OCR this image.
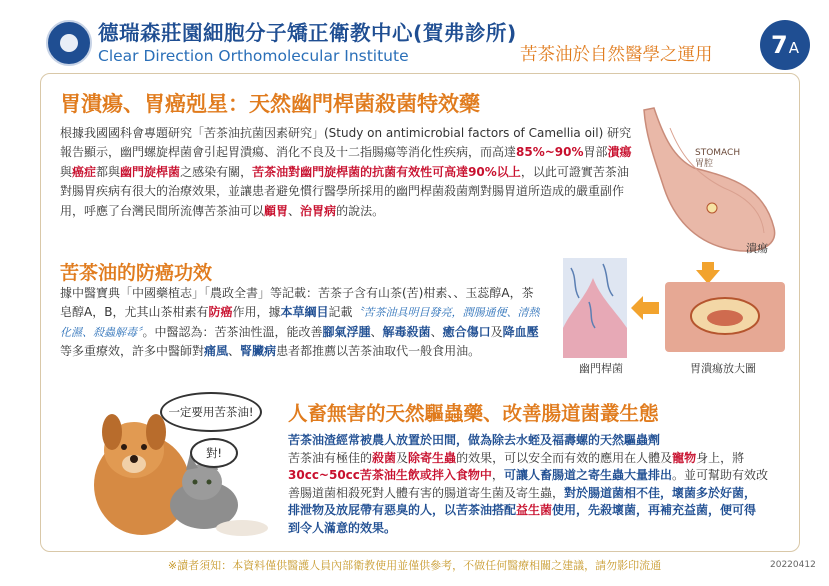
德瑞森莊園細胞分子矯正衛教中心(賀弗診所)
Clear Direction Orthomolecular Institute	苦茶油於自然醫學之運用 7 A
胃潰瘍、胃癌剋星：天然幽門桿菌殺菌特效藥
根據我國國科會專題研究「苦茶油抗菌因素研究」(Study on antimicrobial factors of Camellia oil) 研究報告顯示，幽門螺旋桿菌會引起胃潰瘍、消化不良及十二指腸瘍等消化性疾病，而高達85%~90%胃部潰瘍與癌症都與幽門旋桿菌之感染有關，苦茶油對幽門旋桿菌的抗菌有效性可高達90%以上，以此可證實苦茶油對腸胃疾病有很大的治療效果，並讓患者避免慣行醫學所採用的幽門桿菌殺菌劑對腸胃道所造成的嚴重副作用，呼應了台灣民間所流傳苦茶油可以顧胃、治胃病的說法。
STOMACH
胃腔
潰瘍
胃潰瘍放大圖
幽門桿菌
苦茶油的防癌功效
據中醫寶典「中國藥植志」「農政全書」等記載：苦茶子含有山茶(苦)柑素、、玉蕊醇A，茶皂醇A，B，尤其山茶柑素有防癌作用，據本草綱目記載〝苦茶油具明目發亮，潤腸通便、清熱化濕、殺蟲解毒〞。中醫認為：苦茶油性溫，能改善腳氣浮腫、解毒殺菌、癒合傷口及降血壓等多重療效，許多中醫師對痛風、腎臟病患者都推薦以苦茶油取代一般食用油。
一定要用苦茶油!
對!
人畜無害的天然驅蟲藥、改善腸道菌叢生態
苦茶油渣經常被農人放置於田間，做為除去水蛭及福壽螺的天然驅蟲劑
苦茶油有極佳的殺菌及除寄生蟲的效果，可以安全而有效的應用在人體及寵物身上，將30cc~50cc苦茶油生飲或拌入食物中，可讓人畜腸道之寄生蟲大量排出。並可幫助有效改善腸道菌相殺死對人體有害的腸道寄生菌及寄生蟲，對於腸道菌相不佳，壞菌多於好菌，排泄物及放屁帶有惡臭的人，以苦茶油搭配益生菌使用，先殺壞菌，再補充益菌，便可得到令人滿意的效果。
※讀者須知：本資料僅供醫護人員內部衛教使用並僅供參考，不做任何醫療相關之建議，請勿影印流通	20220412
